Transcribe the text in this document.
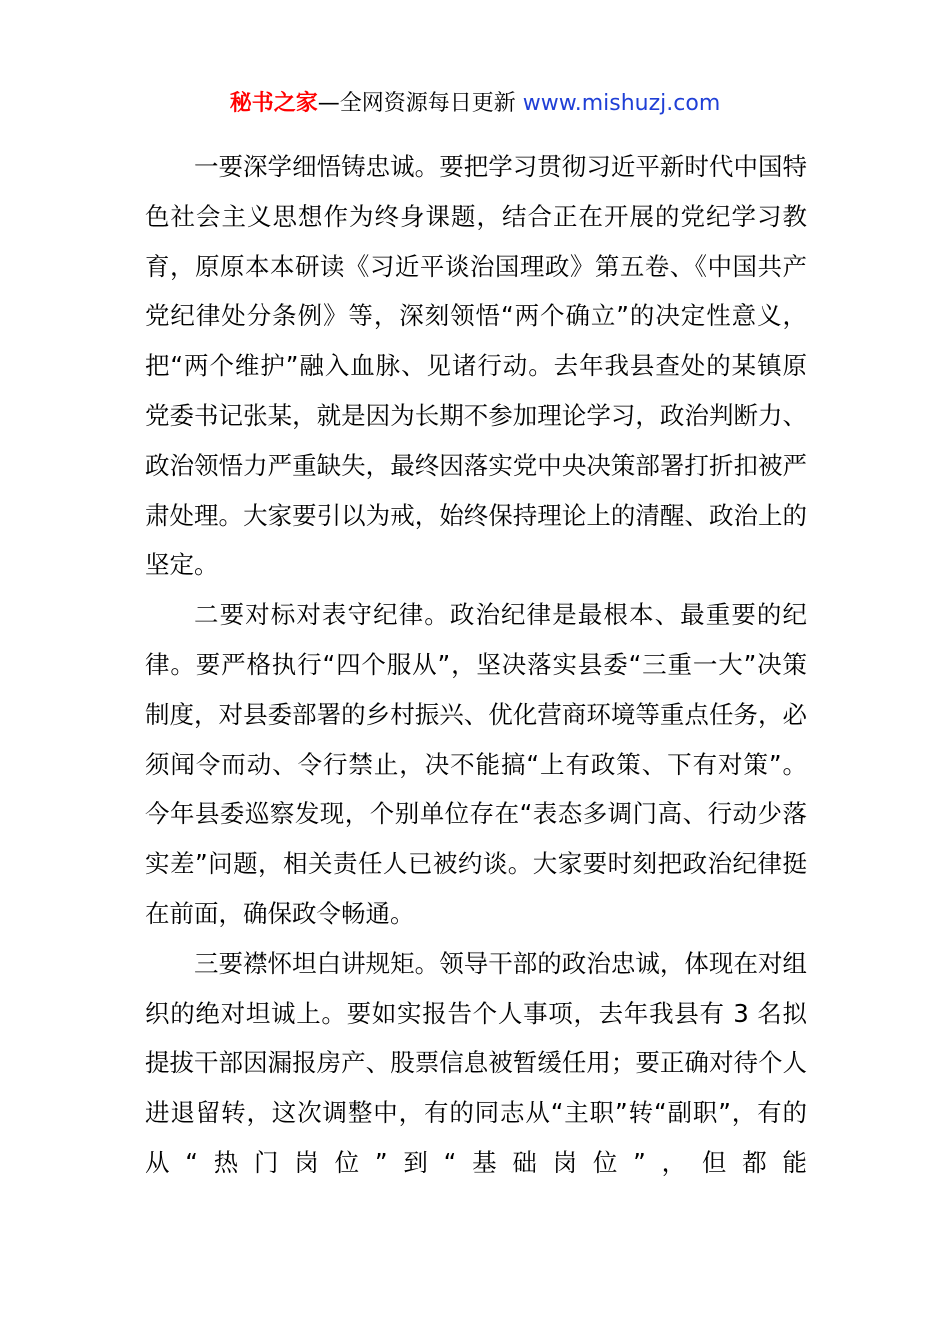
秘书之家—全网资源每日更新 www.mishuzj.com

一要深学细悟铸忠诚。要把学习贯彻习近平新时代中国特色社会主义思想作为终身课题，结合正在开展的党纪学习教育，原原本本研读《习近平谈治国理政》第五卷、《中国共产党纪律处分条例》等，深刻领悟“两个确立”的决定性意义，把“两个维护”融入血脉、见诸行动。去年我县查处的某镇原党委书记张某，就是因为长期不参加理论学习，政治判断力、政治领悟力严重缺失，最终因落实党中央决策部署打折扣被严肃处理。大家要引以为戒，始终保持理论上的清醒、政治上的坚定。

二要对标对表守纪律。政治纪律是最根本、最重要的纪律。要严格执行“四个服从”，坚决落实县委“三重一大”决策制度，对县委部署的乡村振兴、优化营商环境等重点任务，必须闻令而动、令行禁止，决不能搞“上有政策、下有对策”。今年县委巡察发现，个别单位存在“表态多调门高、行动少落实差”问题，相关责任人已被约谈。大家要时刻把政治纪律挺在前面，确保政令畅通。

三要襟怀坦白讲规矩。领导干部的政治忠诚，体现在对组织的绝对坦诚上。要如实报告个人事项，去年我县有 3 名拟提拔干部因漏报房产、股票信息被暂缓任用；要正确对待个人进退留转，这次调整中，有的同志从“主职”转“副职”，有的从“热门岗位”到“基础岗位”，但都能
